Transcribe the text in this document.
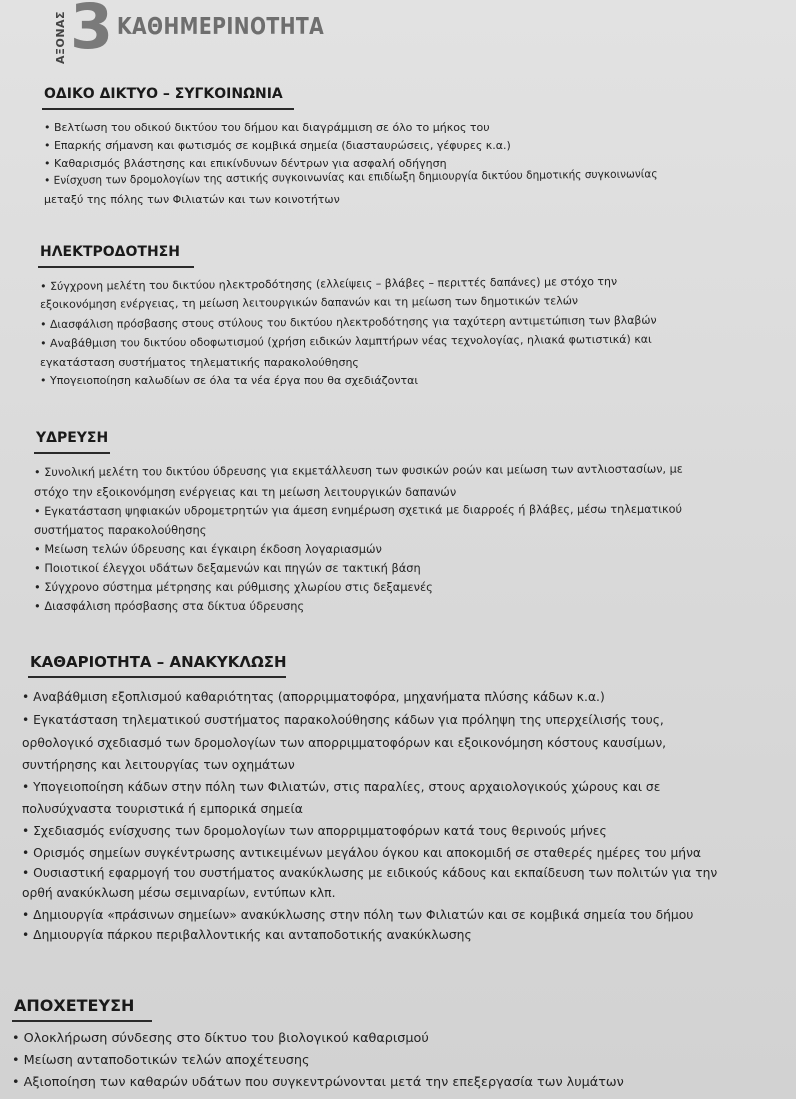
ΑΞΟΝΑΣ 3 ΚΑΘΗΜΕΡΙΝΟΤΗΤΑ
ΟΔΙΚΟ ΔΙΚΤΥΟ – ΣΥΓΚΟΙΝΩΝΙΑ
• Βελτίωση του οδικού δικτύου του δήμου και διαγράμμιση σε όλο το μήκος του
• Επαρκής σήμανση και φωτισμός σε κομβικά σημεία (διασταυρώσεις, γέφυρες κ.α.)
• Καθαρισμός βλάστησης και επικίνδυνων δέντρων για ασφαλή οδήγηση
• Ενίσχυση των δρομολογίων της αστικής συγκοινωνίας και επιδίωξη δημιουργία δικτύου δημοτικής συγκοινωνίας
μεταξύ της πόλης των Φιλιατών και των κοινοτήτων
ΗΛΕΚΤΡΟΔΟΤΗΣΗ
• Σύγχρονη μελέτη του δικτύου ηλεκτροδότησης (ελλείψεις – βλάβες – περιττές δαπάνες) με στόχο την
εξοικονόμηση ενέργειας, τη μείωση λειτουργικών δαπανών και τη μείωση των δημοτικών τελών
• Διασφάλιση πρόσβασης στους στύλους του δικτύου ηλεκτροδότησης για ταχύτερη αντιμετώπιση των βλαβών
• Αναβάθμιση του δικτύου οδοφωτισμού (χρήση ειδικών λαμπτήρων νέας τεχνολογίας, ηλιακά φωτιστικά) και
εγκατάσταση συστήματος τηλεματικής παρακολούθησης
• Υπογειοποίηση καλωδίων σε όλα τα νέα έργα που θα σχεδιάζονται
ΥΔΡΕΥΣΗ
• Συνολική μελέτη του δικτύου ύδρευσης για εκμετάλλευση των φυσικών ροών και μείωση των αντλιοστασίων, με
στόχο την εξοικονόμηση ενέργειας και τη μείωση λειτουργικών δαπανών
• Εγκατάσταση ψηφιακών υδρομετρητών για άμεση ενημέρωση σχετικά με διαρροές ή βλάβες, μέσω τηλεματικού
συστήματος παρακολούθησης
• Μείωση τελών ύδρευσης και έγκαιρη έκδοση λογαριασμών
• Ποιοτικοί έλεγχοι υδάτων δεξαμενών και πηγών σε τακτική βάση
• Σύγχρονο σύστημα μέτρησης και ρύθμισης χλωρίου στις δεξαμενές
• Διασφάλιση πρόσβασης στα δίκτυα ύδρευσης
ΚΑΘΑΡΙΟΤΗΤΑ – ΑΝΑΚΥΚΛΩΣΗ
• Αναβάθμιση εξοπλισμού καθαριότητας (απορριμματοφόρα, μηχανήματα πλύσης κάδων κ.α.)
• Εγκατάσταση τηλεματικού συστήματος παρακολούθησης κάδων για πρόληψη της υπερχείλισής τους,
ορθολογικό σχεδιασμό των δρομολογίων των απορριμματοφόρων και εξοικονόμηση κόστους καυσίμων,
συντήρησης και λειτουργίας των οχημάτων
• Υπογειοποίηση κάδων στην πόλη των Φιλιατών, στις παραλίες, στους αρχαιολογικούς χώρους και σε
πολυσύχναστα τουριστικά ή εμπορικά σημεία
• Σχεδιασμός ενίσχυσης των δρομολογίων των απορριμματοφόρων κατά τους θερινούς μήνες
• Ορισμός σημείων συγκέντρωσης αντικειμένων μεγάλου όγκου και αποκομιδή σε σταθερές ημέρες του μήνα
• Ουσιαστική εφαρμογή του συστήματος ανακύκλωσης με ειδικούς κάδους και εκπαίδευση των πολιτών για την
ορθή ανακύκλωση μέσω σεμιναρίων, εντύπων κλπ.
• Δημιουργία «πράσινων σημείων» ανακύκλωσης στην πόλη των Φιλιατών και σε κομβικά σημεία του δήμου
• Δημιουργία πάρκου περιβαλλοντικής και ανταποδοτικής ανακύκλωσης
ΑΠΟΧΕΤΕΥΣΗ
• Ολοκλήρωση σύνδεσης στο δίκτυο του βιολογικού καθαρισμού
• Μείωση ανταποδοτικών τελών αποχέτευσης
• Αξιοποίηση των καθαρών υδάτων που συγκεντρώνονται μετά την επεξεργασία των λυμάτων
